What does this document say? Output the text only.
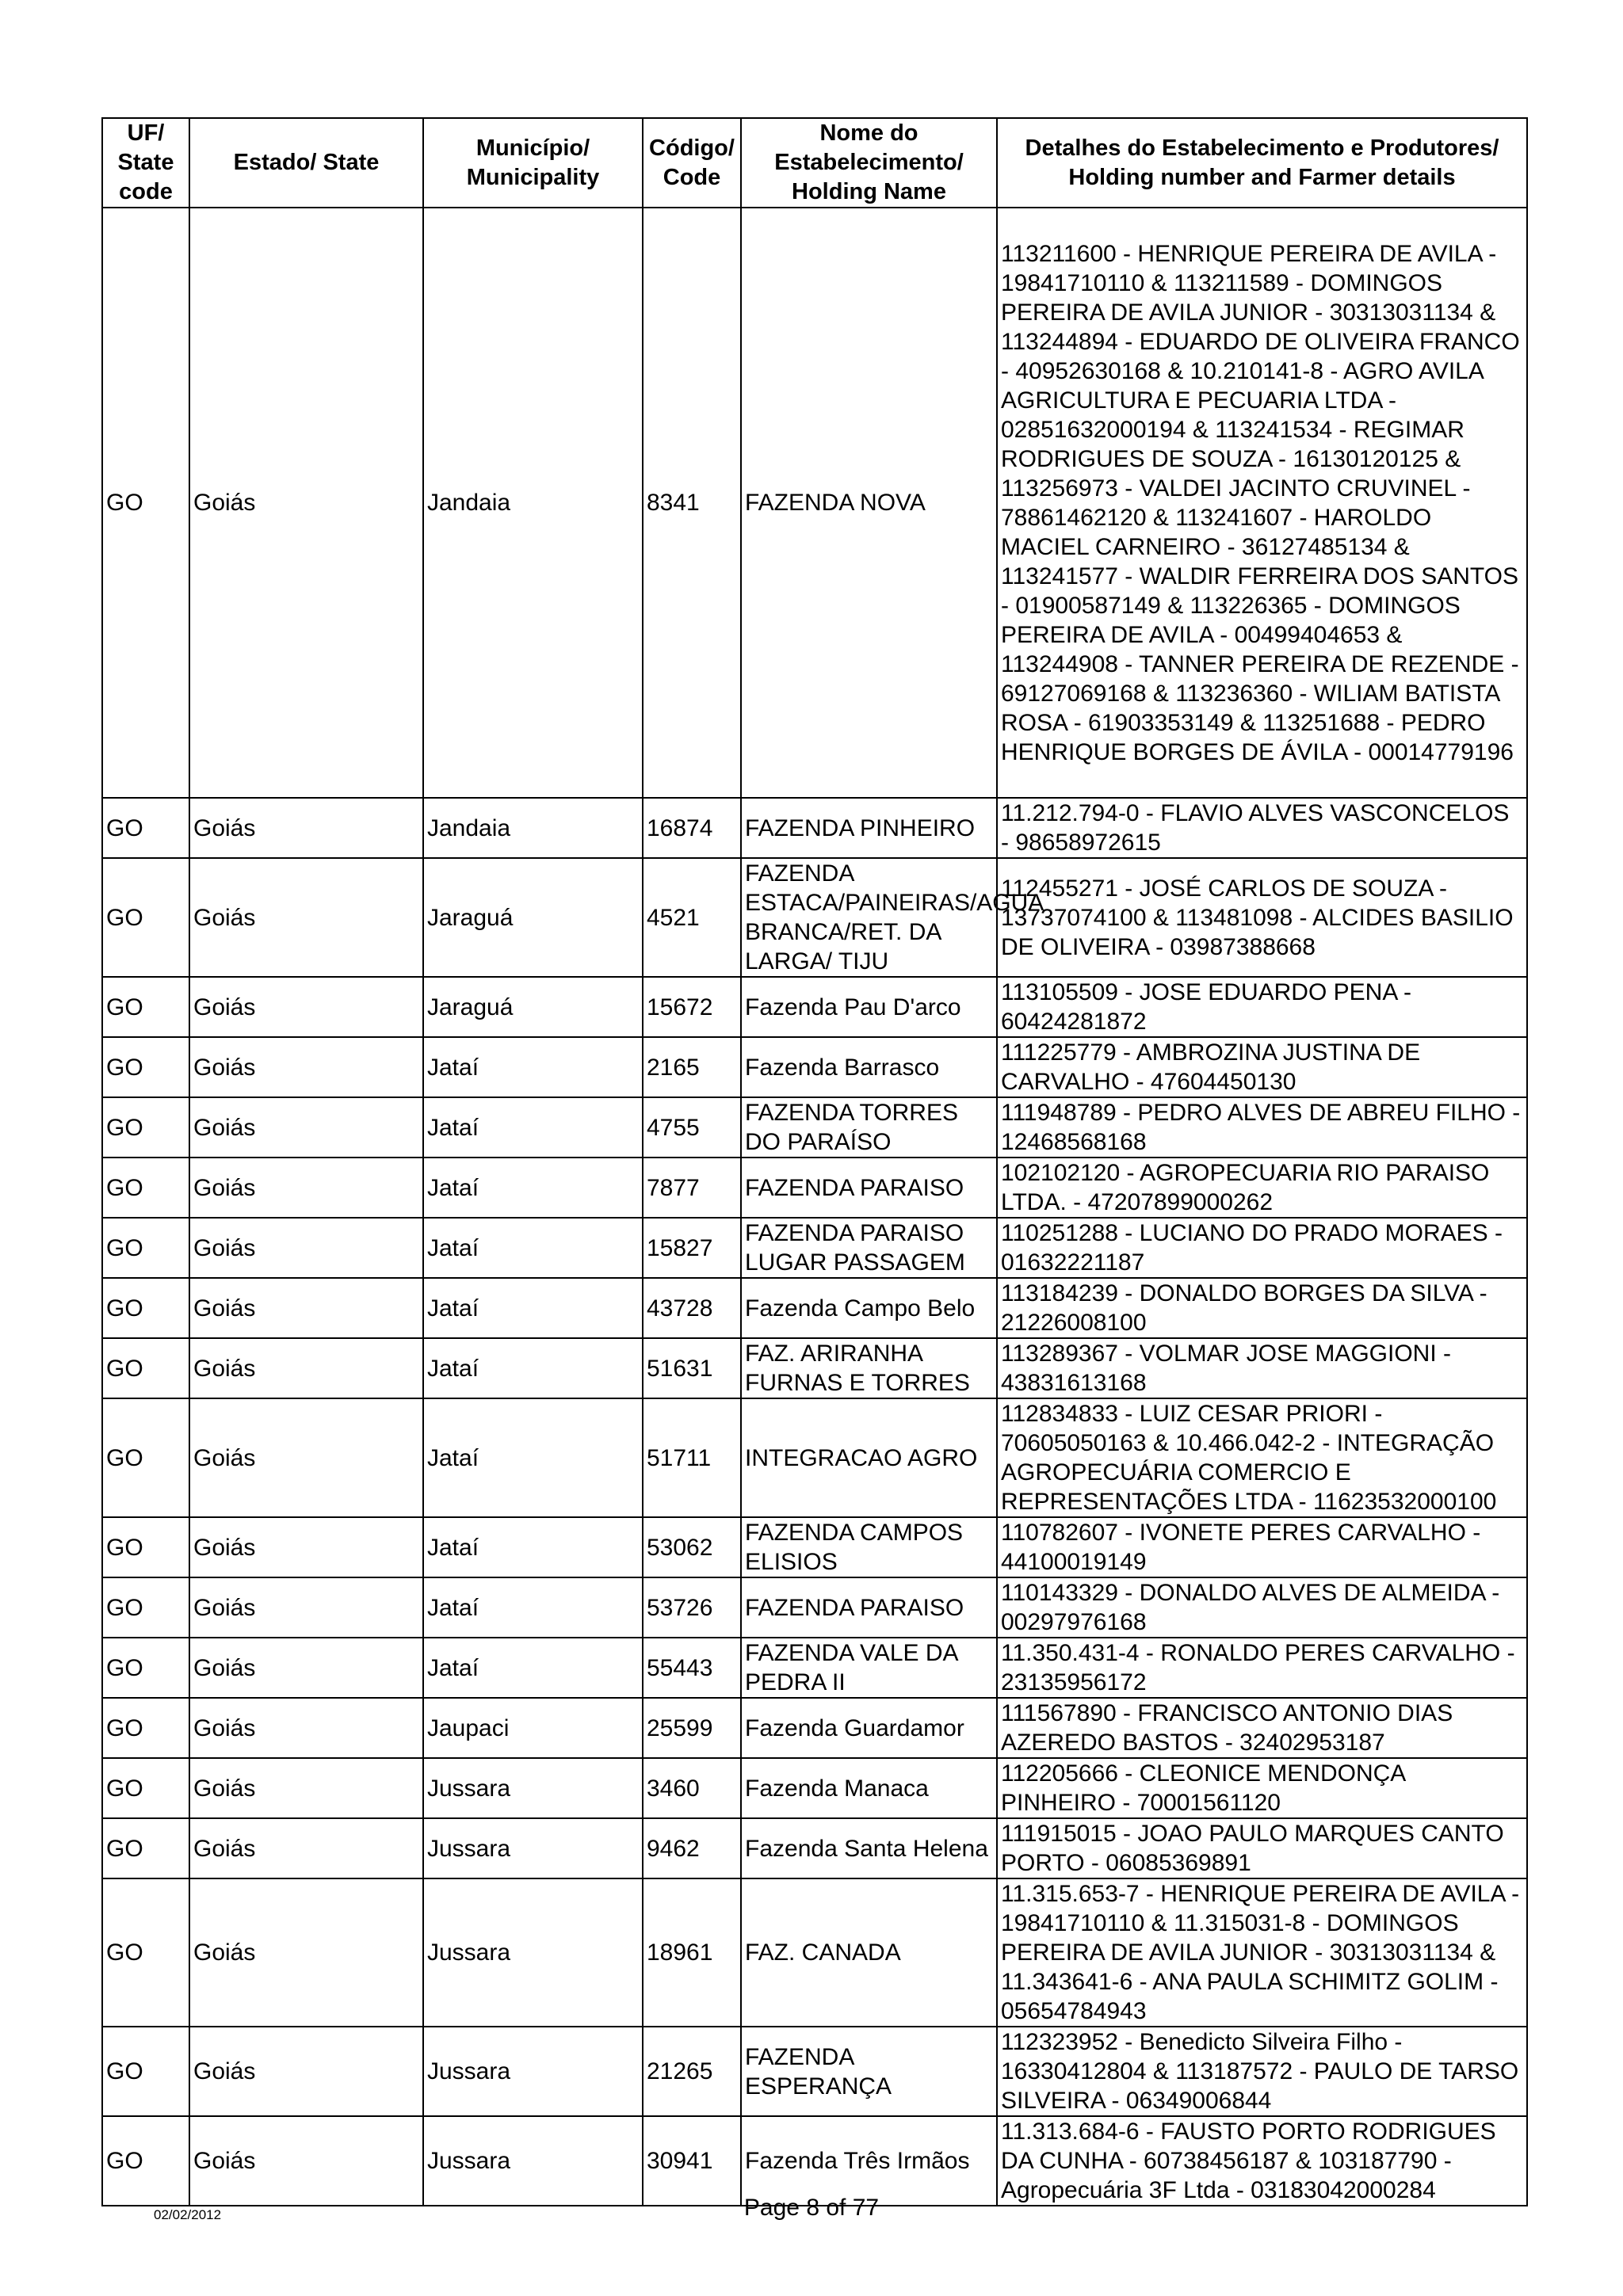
UF/ State code	Estado/ State	Município/ Municipality	Código/ Code	Nome do Estabelecimento/ Holding Name	Detalhes do Estabelecimento e Produtores/ Holding number and Farmer details
GO	Goiás	Jandaia	8341	FAZENDA NOVA	113211600 - HENRIQUE PEREIRA DE AVILA - 19841710110 & 113211589 - DOMINGOS PEREIRA DE AVILA JUNIOR - 30313031134 & 113244894 - EDUARDO DE OLIVEIRA FRANCO - 40952630168 & 10.210141-8 - AGRO AVILA AGRICULTURA E PECUARIA LTDA - 02851632000194 & 113241534 - REGIMAR RODRIGUES DE SOUZA - 16130120125 & 113256973 - VALDEI JACINTO CRUVINEL - 78861462120 & 113241607 - HAROLDO MACIEL CARNEIRO - 36127485134 & 113241577 - WALDIR FERREIRA DOS SANTOS - 01900587149 & 113226365 - DOMINGOS PEREIRA DE AVILA - 00499404653 & 113244908 - TANNER PEREIRA DE REZENDE - 69127069168 & 113236360 - WILIAM BATISTA ROSA - 61903353149 & 113251688 - PEDRO HENRIQUE BORGES DE ÁVILA - 00014779196
GO	Goiás	Jandaia	16874	FAZENDA PINHEIRO	11.212.794-0 - FLAVIO ALVES VASCONCELOS - 98658972615
GO	Goiás	Jaraguá	4521	FAZENDA ESTACA/PAINEIRAS/AGUA BRANCA/RET. DA LARGA/ TIJU	112455271 - JOSÉ CARLOS DE SOUZA - 13737074100 & 113481098 - ALCIDES BASILIO DE OLIVEIRA - 03987388668
GO	Goiás	Jaraguá	15672	Fazenda Pau D'arco	113105509 - JOSE EDUARDO PENA - 60424281872
GO	Goiás	Jataí	2165	Fazenda Barrasco	111225779 - AMBROZINA JUSTINA DE CARVALHO - 47604450130
GO	Goiás	Jataí	4755	FAZENDA TORRES DO PARAÍSO	111948789 - PEDRO ALVES DE ABREU FILHO - 12468568168
GO	Goiás	Jataí	7877	FAZENDA PARAISO	102102120 - AGROPECUARIA RIO PARAISO LTDA. - 47207899000262
GO	Goiás	Jataí	15827	FAZENDA PARAISO LUGAR PASSAGEM	110251288 - LUCIANO DO PRADO MORAES - 01632221187
GO	Goiás	Jataí	43728	Fazenda Campo Belo	113184239 - DONALDO BORGES DA SILVA - 21226008100
GO	Goiás	Jataí	51631	FAZ. ARIRANHA FURNAS E TORRES	113289367 - VOLMAR JOSE MAGGIONI - 43831613168
GO	Goiás	Jataí	51711	INTEGRACAO AGRO	112834833 - LUIZ CESAR PRIORI - 70605050163 & 10.466.042-2 - INTEGRAÇÃO AGROPECUÁRIA COMERCIO E REPRESENTAÇÕES LTDA - 11623532000100
GO	Goiás	Jataí	53062	FAZENDA CAMPOS ELISIOS	110782607 - IVONETE PERES CARVALHO - 44100019149
GO	Goiás	Jataí	53726	FAZENDA PARAISO	110143329 - DONALDO ALVES DE ALMEIDA - 00297976168
GO	Goiás	Jataí	55443	FAZENDA VALE DA PEDRA II	11.350.431-4 - RONALDO PERES CARVALHO - 23135956172
GO	Goiás	Jaupaci	25599	Fazenda Guardamor	111567890 - FRANCISCO ANTONIO DIAS AZEREDO BASTOS - 32402953187
GO	Goiás	Jussara	3460	Fazenda Manaca	112205666 - CLEONICE MENDONÇA PINHEIRO - 70001561120
GO	Goiás	Jussara	9462	Fazenda Santa Helena	111915015 - JOAO PAULO MARQUES CANTO PORTO - 06085369891
GO	Goiás	Jussara	18961	FAZ. CANADA	11.315.653-7 - HENRIQUE PEREIRA DE AVILA - 19841710110 & 11.315031-8 - DOMINGOS PEREIRA DE AVILA JUNIOR - 30313031134 & 11.343641-6 - ANA PAULA SCHIMITZ GOLIM - 05654784943
GO	Goiás	Jussara	21265	FAZENDA ESPERANÇA	112323952 - Benedicto Silveira Filho - 16330412804 & 113187572 - PAULO DE TARSO SILVEIRA - 06349006844
GO	Goiás	Jussara	30941	Fazenda Três Irmãos	11.313.684-6 - FAUSTO PORTO RODRIGUES DA CUNHA - 60738456187 & 103187790 - Agropecuária 3F Ltda - 03183042000284
02/02/2012	Page 8 of 77
